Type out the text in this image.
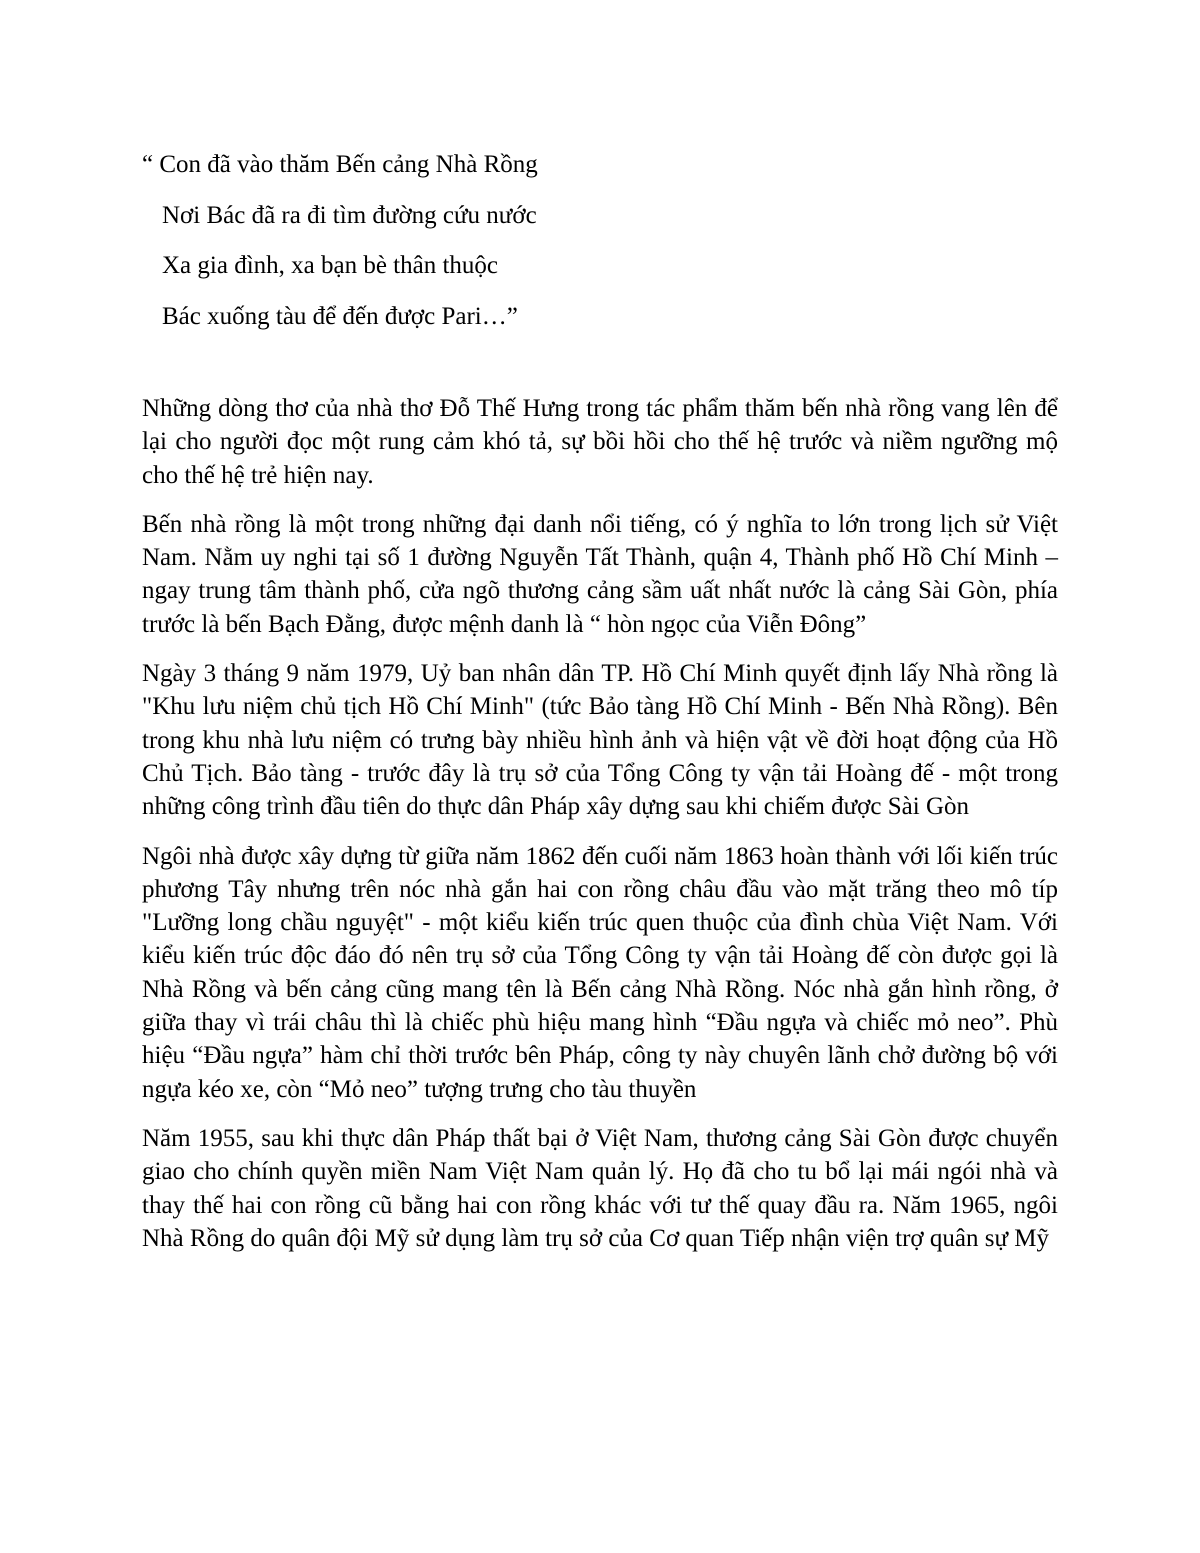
“ Con đã vào thăm Bến cảng Nhà Rồng
Nơi Bác đã ra đi tìm đường cứu nước
Xa gia đình, xa bạn bè thân thuộc
Bác xuống tàu để đến được Pari…”

Những dòng thơ của nhà thơ Đỗ Thế Hưng trong tác phẩm thăm bến nhà rồng vang lên để lại cho người đọc một rung cảm khó tả, sự bồi hồi cho thế hệ trước và niềm ngưỡng mộ cho thế hệ trẻ hiện nay.

Bến nhà rồng là một trong những đại danh nổi tiếng, có ý nghĩa to lớn trong lịch sử Việt Nam. Nằm uy nghi tại số 1 đường Nguyễn Tất Thành, quận 4, Thành phố Hồ Chí Minh – ngay trung tâm thành phố, cửa ngõ thương cảng sầm uất nhất nước là cảng Sài Gòn, phía trước là bến Bạch Đằng, được mệnh danh là “ hòn ngọc của Viễn Đông”

Ngày 3 tháng 9 năm 1979, Uỷ ban nhân dân TP. Hồ Chí Minh quyết định lấy Nhà rồng là "Khu lưu niệm chủ tịch Hồ Chí Minh" (tức Bảo tàng Hồ Chí Minh - Bến Nhà Rồng). Bên trong khu nhà lưu niệm có trưng bày nhiều hình ảnh và hiện vật về đời hoạt động của Hồ Chủ Tịch. Bảo tàng - trước đây là trụ sở của Tổng Công ty vận tải Hoàng đế - một trong những công trình đầu tiên do thực dân Pháp xây dựng sau khi chiếm được Sài Gòn

Ngôi nhà được xây dựng từ giữa năm 1862 đến cuối năm 1863 hoàn thành với lối kiến trúc phương Tây nhưng trên nóc nhà gắn hai con rồng châu đầu vào mặt trăng theo mô típ "Lưỡng long chầu nguyệt" - một kiểu kiến trúc quen thuộc của đình chùa Việt Nam. Với kiểu kiến trúc độc đáo đó nên trụ sở của Tổng Công ty vận tải Hoàng đế còn được gọi là Nhà Rồng và bến cảng cũng mang tên là Bến cảng Nhà Rồng. Nóc nhà gắn hình rồng, ở giữa thay vì trái châu thì là chiếc phù hiệu mang hình “Đầu ngựa và chiếc mỏ neo”. Phù hiệu “Đầu ngựa” hàm chỉ thời trước bên Pháp, công ty này chuyên lãnh chở đường bộ với ngựa kéo xe, còn “Mỏ neo” tượng trưng cho tàu thuyền

Năm 1955, sau khi thực dân Pháp thất bại ở Việt Nam, thương cảng Sài Gòn được chuyển giao cho chính quyền miền Nam Việt Nam quản lý. Họ đã cho tu bổ lại mái ngói nhà và thay thế hai con rồng cũ bằng hai con rồng khác với tư thế quay đầu ra. Năm 1965, ngôi Nhà Rồng do quân đội Mỹ sử dụng làm trụ sở của Cơ quan Tiếp nhận viện trợ quân sự Mỹ
